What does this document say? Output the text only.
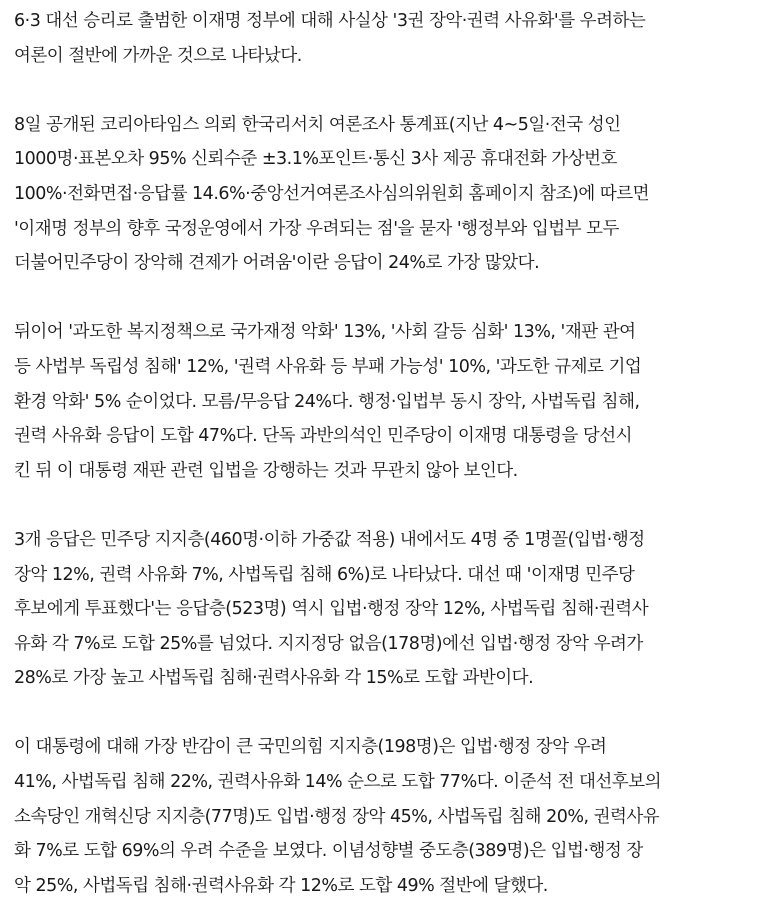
6·3 대선 승리로 출범한 이재명 정부에 대해 사실상 '3권 장악·권력 사유화'를 우려하는
여론이 절반에 가까운 것으로 나타났다.

8일 공개된 코리아타임스 의뢰 한국리서치 여론조사 통계표(지난 4~5일·전국 성인
1000명·표본오차 95% 신뢰수준 ±3.1%포인트·통신 3사 제공 휴대전화 가상번호
100%·전화면접·응답률 14.6%·중앙선거여론조사심의위원회 홈페이지 참조)에 따르면
'이재명 정부의 향후 국정운영에서 가장 우려되는 점'을 묻자 '행정부와 입법부 모두
더불어민주당이 장악해 견제가 어려움'이란 응답이 24%로 가장 많았다.

뒤이어 '과도한 복지정책으로 국가재정 악화' 13%, '사회 갈등 심화' 13%, '재판 관여
등 사법부 독립성 침해' 12%, '권력 사유화 등 부패 가능성' 10%, '과도한 규제로 기업
환경 악화' 5% 순이었다. 모름/무응답 24%다. 행정·입법부 동시 장악, 사법독립 침해,
권력 사유화 응답이 도합 47%다. 단독 과반의석인 민주당이 이재명 대통령을 당선시
킨 뒤 이 대통령 재판 관련 입법을 강행하는 것과 무관치 않아 보인다.

3개 응답은 민주당 지지층(460명·이하 가중값 적용) 내에서도 4명 중 1명꼴(입법·행정
장악 12%, 권력 사유화 7%, 사법독립 침해 6%)로 나타났다. 대선 때 '이재명 민주당
후보에게 투표했다'는 응답층(523명) 역시 입법·행정 장악 12%, 사법독립 침해·권력사
유화 각 7%로 도합 25%를 넘었다. 지지정당 없음(178명)에선 입법·행정 장악 우려가
28%로 가장 높고 사법독립 침해·권력사유화 각 15%로 도합 과반이다.

이 대통령에 대해 가장 반감이 큰 국민의힘 지지층(198명)은 입법·행정 장악 우려
41%, 사법독립 침해 22%, 권력사유화 14% 순으로 도합 77%다. 이준석 전 대선후보의
소속당인 개혁신당 지지층(77명)도 입법·행정 장악 45%, 사법독립 침해 20%, 권력사유
화 7%로 도합 69%의 우려 수준을 보였다. 이념성향별 중도층(389명)은 입법·행정 장
악 25%, 사법독립 침해·권력사유화 각 12%로 도합 49% 절반에 달했다.
